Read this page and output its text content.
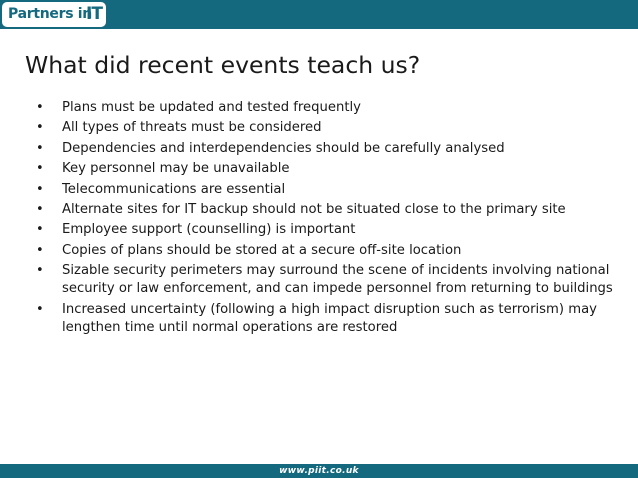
Partners in
IT
What did recent events teach us?
• Plans must be updated and tested frequently
• All types of threats must be considered
• Dependencies and interdependencies should be carefully analysed
• Key personnel may be unavailable
• Telecommunications are essential
• Alternate sites for IT backup should not be situated close to the primary site
• Employee support (counselling) is important
• Copies of plans should be stored at a secure off-site location
• Sizable security perimeters may surround the scene of incidents involving national security or law enforcement, and can impede personnel from returning to buildings
• Increased uncertainty (following a high impact disruption such as terrorism) may lengthen time until normal operations are restored
www.piit.co.uk
